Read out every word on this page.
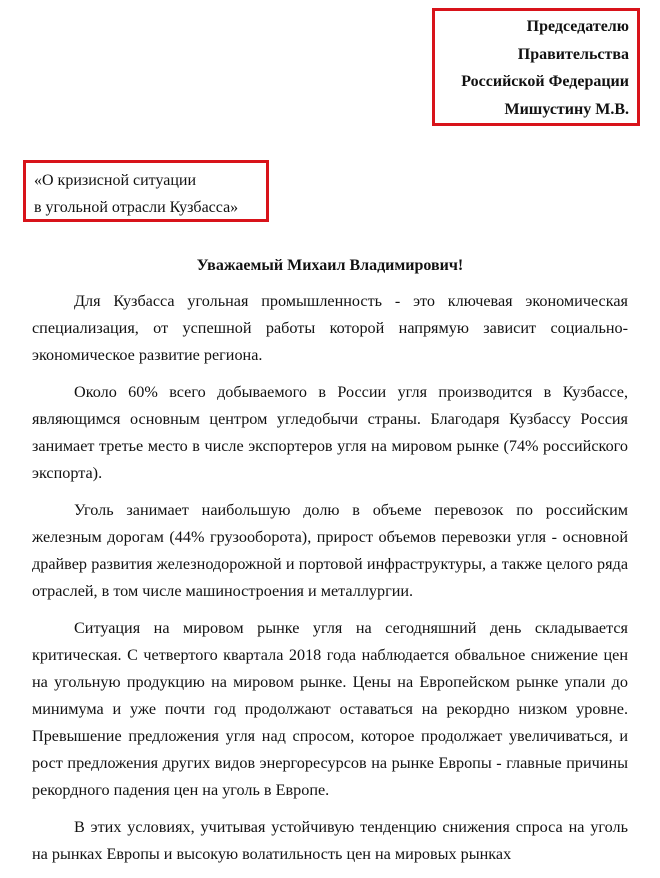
Председателю
Правительства
Российской Федерации
Мишустину М.В.
«О кризисной ситуации
в угольной отрасли Кузбасса»
Уважаемый Михаил Владимирович!

Для Кузбасса угольная промышленность - это ключевая экономическая специализация, от успешной работы которой напрямую зависит социально-экономическое развитие региона.

Около 60% всего добываемого в России угля производится в Кузбассе, являющимся основным центром угледобычи страны. Благодаря Кузбассу Россия занимает третье место в числе экспортеров угля на мировом рынке (74% российского экспорта).

Уголь занимает наибольшую долю в объеме перевозок по российским железным дорогам (44% грузооборота), прирост объемов перевозки угля - основной драйвер развития железнодорожной и портовой инфраструктуры, а также целого ряда отраслей, в том числе машиностроения и металлургии.

Ситуация на мировом рынке угля на сегодняшний день складывается критическая. С четвертого квартала 2018 года наблюдается обвальное снижение цен на угольную продукцию на мировом рынке. Цены на Европейском рынке упали до минимума и уже почти год продолжают оставаться на рекордно низком уровне. Превышение предложения угля над спросом, которое продолжает увеличиваться, и рост предложения других видов энергоресурсов на рынке Европы - главные причины рекордного падения цен на уголь в Европе.

В этих условиях, учитывая устойчивую тенденцию снижения спроса на уголь на рынках Европы и высокую волатильность цен на мировых рынках
